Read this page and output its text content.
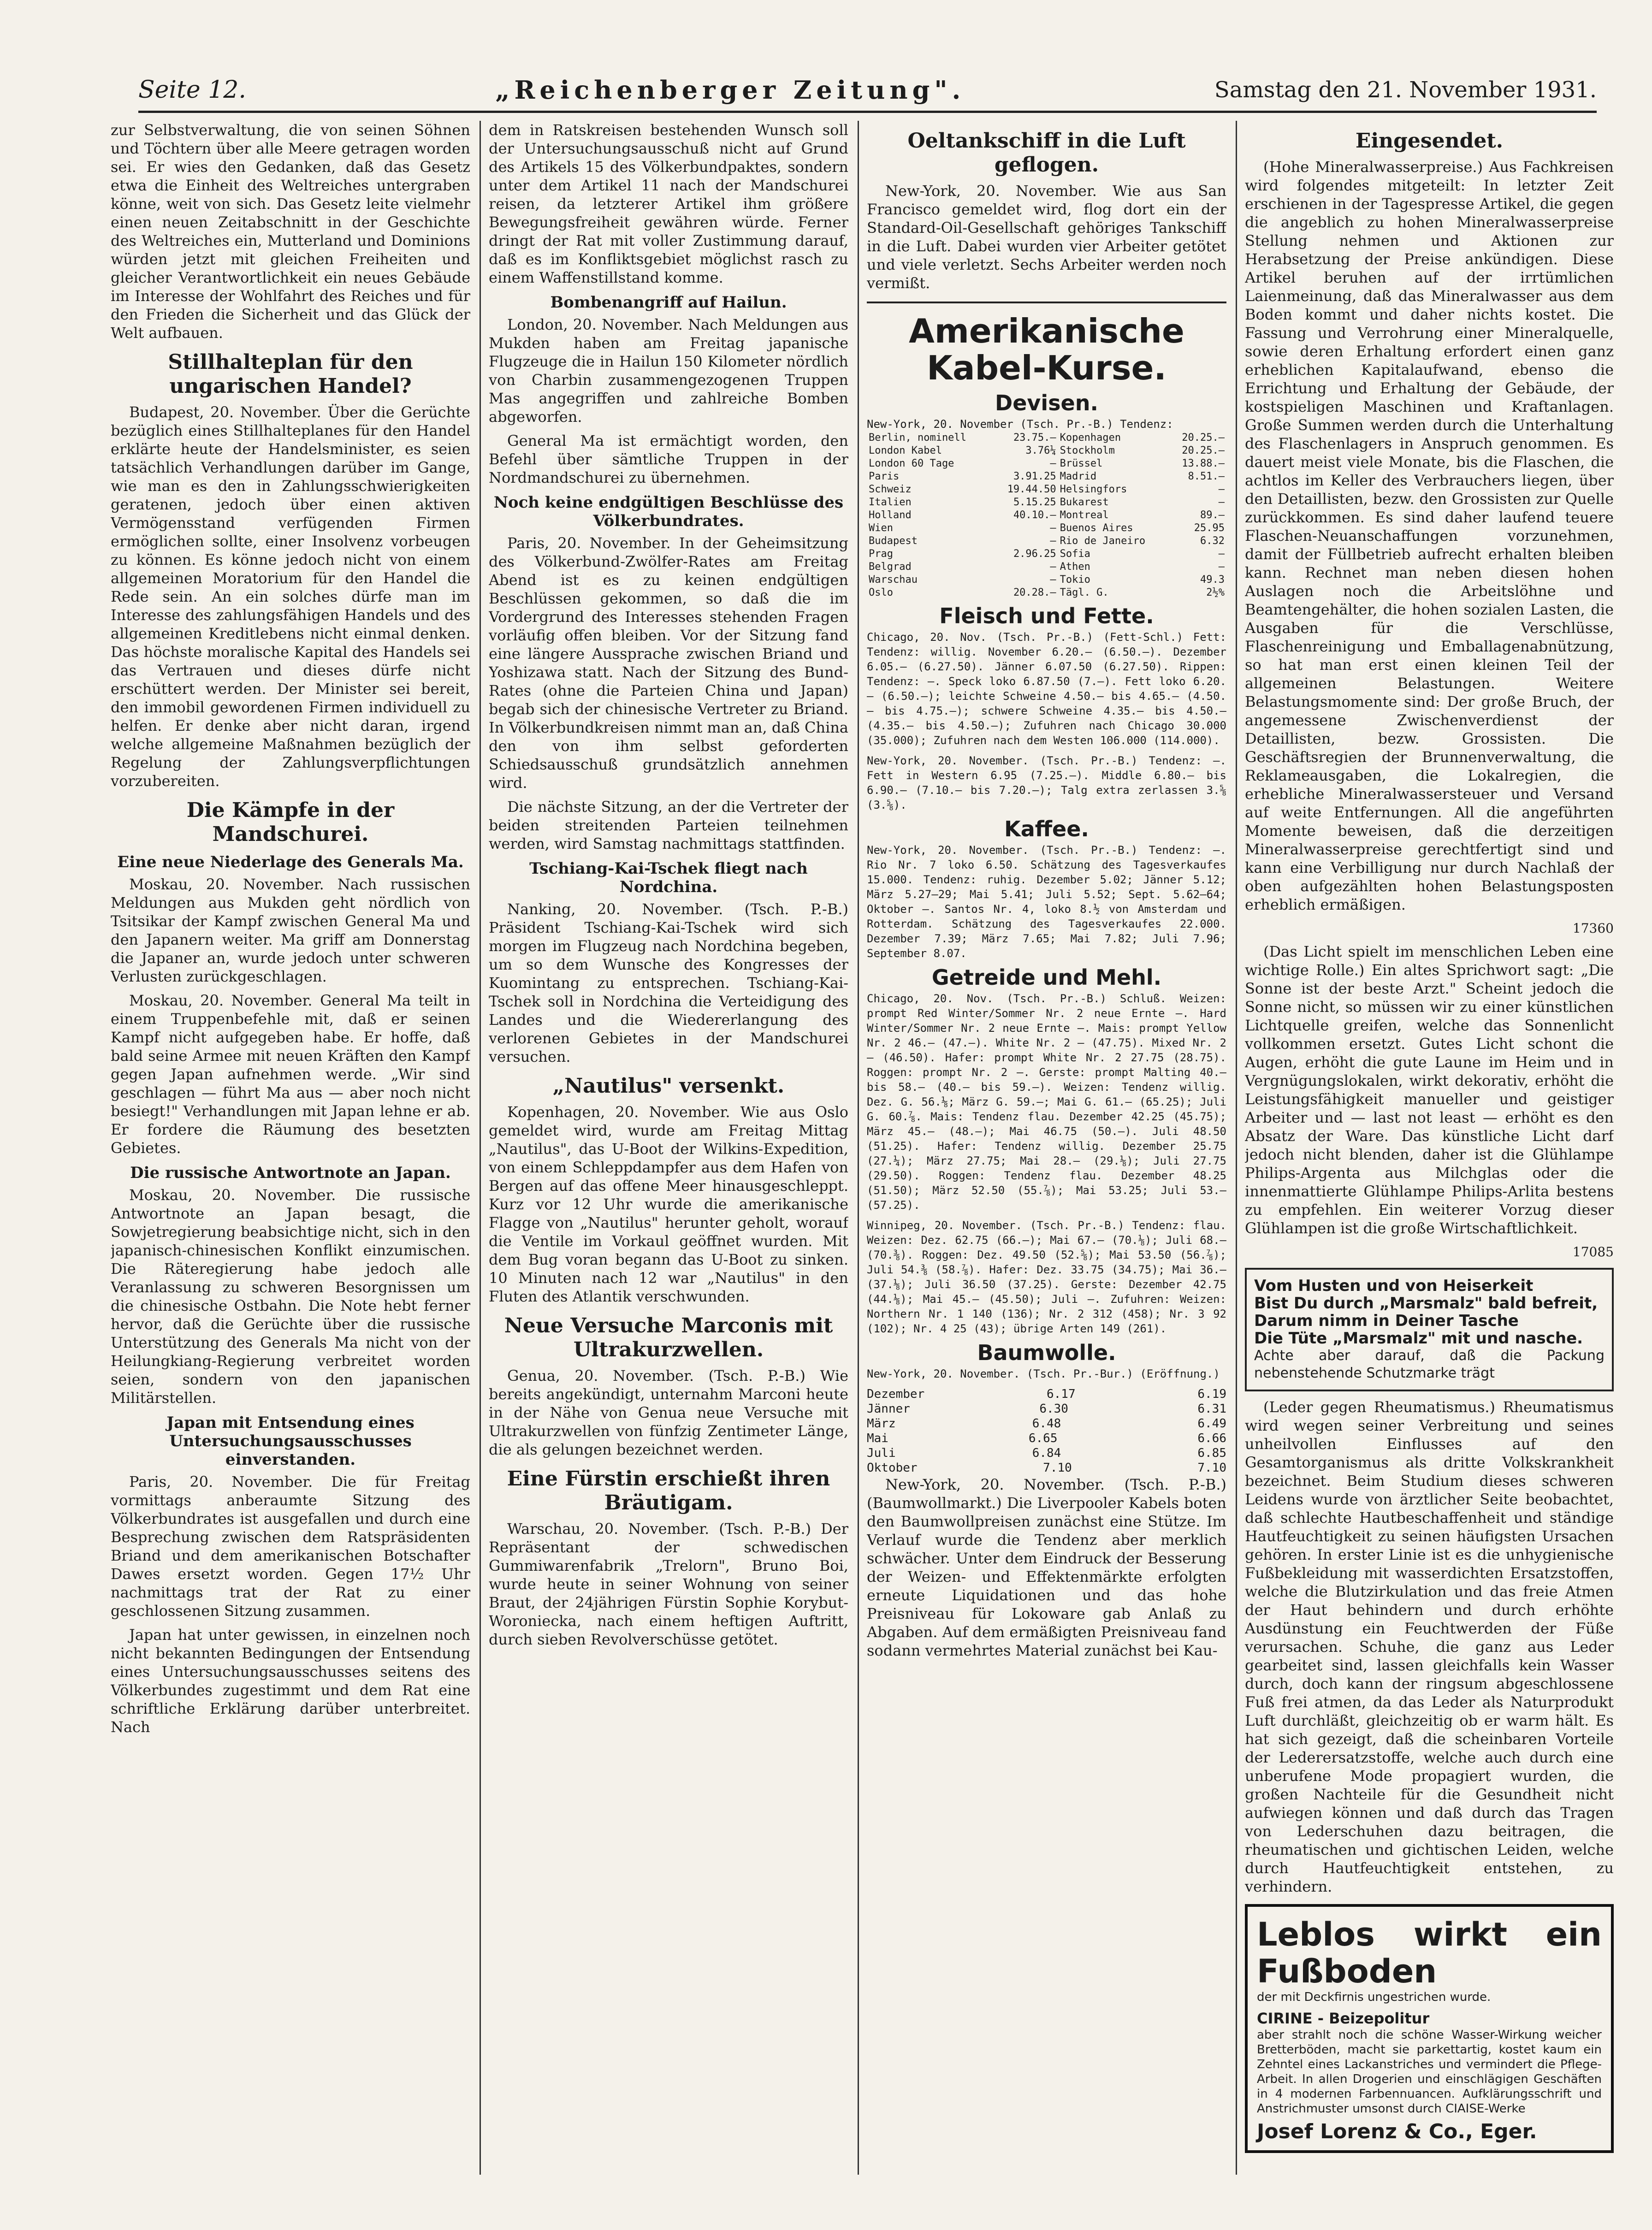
Seite 12.	„Reichenberger Zeitung".	Samstag den 21. November 1931.

zur Selbstverwaltung, die von seinen Söhnen und Töchtern über alle Meere getragen worden sei. Er wies den Gedanken, daß das Gesetz etwa die Einheit des Weltreiches untergraben könne, weit von sich. Das Gesetz leite vielmehr einen neuen Zeitabschnitt in der Geschichte des Weltreiches ein, Mutterland und Dominions würden jetzt mit gleichen Freiheiten und gleicher Verantwortlichkeit ein neues Gebäude im Interesse der Wohlfahrt des Reiches und für den Frieden die Sicherheit und das Glück der Welt aufbauen.

Stillhalteplan für den ungarischen Handel?

Budapest, 20. November. Über die Gerüchte bezüglich eines Stillhalteplanes für den Handel erklärte heute der Handelsminister, es seien tatsächlich Verhandlungen darüber im Gange, wie man es den in Zahlungsschwierigkeiten geratenen, jedoch über einen aktiven Vermögensstand verfügenden Firmen ermöglichen sollte, einer Insolvenz vorbeugen zu können. Es könne jedoch nicht von einem allgemeinen Moratorium für den Handel die Rede sein. An ein solches dürfe man im Interesse des zahlungsfähigen Handels und des allgemeinen Kreditlebens nicht einmal denken. Das höchste moralische Kapital des Handels sei das Vertrauen und dieses dürfe nicht erschüttert werden. Der Minister sei bereit, den immobil gewordenen Firmen individuell zu helfen. Er denke aber nicht daran, irgend welche allgemeine Maßnahmen bezüglich der Regelung der Zahlungsverpflichtungen vorzubereiten.

Die Kämpfe in der Mandschurei.
Eine neue Niederlage des Generals Ma.

Moskau, 20. November. Nach russischen Meldungen aus Mukden geht nördlich von Tsitsikar der Kampf zwischen General Ma und den Japanern weiter. Ma griff am Donnerstag die Japaner an, wurde jedoch unter schweren Verlusten zurückgeschlagen.

Moskau, 20. November. General Ma teilt in einem Truppenbefehle mit, daß er seinen Kampf nicht aufgegeben habe. Er hoffe, daß bald seine Armee mit neuen Kräften den Kampf gegen Japan aufnehmen werde. „Wir sind geschlagen — führt Ma aus — aber noch nicht besiegt!" Verhandlungen mit Japan lehne er ab. Er fordere die Räumung des besetzten Gebietes.

Die russische Antwortnote an Japan.

Moskau, 20. November. Die russische Antwortnote an Japan besagt, die Sowjetregierung beabsichtige nicht, sich in den japanisch-chinesischen Konflikt einzumischen. Die Räteregierung habe jedoch alle Veranlassung zu schweren Besorgnissen um die chinesische Ostbahn. Die Note hebt ferner hervor, daß die Gerüchte über die russische Unterstützung des Generals Ma nicht von der Heilungkiang-Regierung verbreitet worden seien, sondern von den japanischen Militärstellen.

Japan mit Entsendung eines Untersuchungsausschusses einverstanden.

Paris, 20. November. Die für Freitag vormittags anberaumte Sitzung des Völkerbundrates ist ausgefallen und durch eine Besprechung zwischen dem Ratspräsidenten Briand und dem amerikanischen Botschafter Dawes ersetzt worden. Gegen 17½ Uhr nachmittags trat der Rat zu einer geschlossenen Sitzung zusammen.

Japan hat unter gewissen, in einzelnen noch nicht bekannten Bedingungen der Entsendung eines Untersuchungsausschusses seitens des Völkerbundes zugestimmt und dem Rat eine schriftliche Erklärung darüber unterbreitet. Nach

dem in Ratskreisen bestehenden Wunsch soll der Untersuchungsausschuß nicht auf Grund des Artikels 15 des Völkerbundpaktes, sondern unter dem Artikel 11 nach der Mandschurei reisen, da letzterer Artikel ihm größere Bewegungsfreiheit gewähren würde. Ferner dringt der Rat mit voller Zustimmung darauf, daß es im Konfliktsgebiet möglichst rasch zu einem Waffenstillstand komme.

Bombenangriff auf Hailun.

London, 20. November. Nach Meldungen aus Mukden haben am Freitag japanische Flugzeuge die in Hailun 150 Kilometer nördlich von Charbin zusammengezogenen Truppen Mas angegriffen und zahlreiche Bomben abgeworfen.

General Ma ist ermächtigt worden, den Befehl über sämtliche Truppen in der Nordmandschurei zu übernehmen.

Noch keine endgültigen Beschlüsse des Völkerbundrates.

Paris, 20. November. In der Geheimsitzung des Völkerbund-Zwölfer-Rates am Freitag Abend ist es zu keinen endgültigen Beschlüssen gekommen, so daß die im Vordergrund des Interesses stehenden Fragen vorläufig offen bleiben. Vor der Sitzung fand eine längere Aussprache zwischen Briand und Yoshizawa statt. Nach der Sitzung des Bund-Rates (ohne die Parteien China und Japan) begab sich der chinesische Vertreter zu Briand. In Völkerbundkreisen nimmt man an, daß China den von ihm selbst geforderten Schiedsausschuß grundsätzlich annehmen wird.

Die nächste Sitzung, an der die Vertreter der beiden streitenden Parteien teilnehmen werden, wird Samstag nachmittags stattfinden.

Tschiang-Kai-Tschek fliegt nach Nordchina.

Nanking, 20. November. (Tsch. P.-B.) Präsident Tschiang-Kai-Tschek wird sich morgen im Flugzeug nach Nordchina begeben, um so dem Wunsche des Kongresses der Kuomintang zu entsprechen. Tschiang-Kai-Tschek soll in Nordchina die Verteidigung des Landes und die Wiedererlangung des verlorenen Gebietes in der Mandschurei versuchen.

„Nautilus" versenkt.

Kopenhagen, 20. November. Wie aus Oslo gemeldet wird, wurde am Freitag Mittag „Nautilus", das U-Boot der Wilkins-Expedition, von einem Schleppdampfer aus dem Hafen von Bergen auf das offene Meer hinausgeschleppt. Kurz vor 12 Uhr wurde die amerikanische Flagge von „Nautilus" herunter geholt, worauf die Ventile im Vorkaul geöffnet wurden. Mit dem Bug voran begann das U-Boot zu sinken. 10 Minuten nach 12 war „Nautilus" in den Fluten des Atlantik verschwunden.

Neue Versuche Marconis mit Ultrakurzwellen.

Genua, 20. November. (Tsch. P.-B.) Wie bereits angekündigt, unternahm Marconi heute in der Nähe von Genua neue Versuche mit Ultrakurzwellen von fünfzig Zentimeter Länge, die als gelungen bezeichnet werden.

Eine Fürstin erschießt ihren Bräutigam.

Warschau, 20. November. (Tsch. P.-B.) Der Repräsentant der schwedischen Gummiwarenfabrik „Trelorn", Bruno Boi, wurde heute in seiner Wohnung von seiner Braut, der 24jährigen Fürstin Sophie Korybut-Woroniecka, nach einem heftigen Auftritt, durch sieben Revolverschüsse getötet.

Oeltankschiff in die Luft geflogen.

New-York, 20. November. Wie aus San Francisco gemeldet wird, flog dort ein der Standard-Oil-Gesellschaft gehöriges Tankschiff in die Luft. Dabei wurden vier Arbeiter getötet und viele verletzt. Sechs Arbeiter werden noch vermißt.

Amerikanische Kabel-Kurse.
Devisen.
New-York, 20. November (Tsch. Pr.-B.) Tendenz:
Berlin, nominell	23.75.—	Kopenhagen	20.25.—
London Kabel	3.76¼	Stockholm	20.25.—
London 60 Tage	—	Brüssel	13.88.—
Paris	3.91.25	Madrid	8.51.—
Schweiz	19.44.50	Helsingfors	—
Italien	5.15.25	Bukarest	—
Holland	40.10.—	Montreal	89.—
Wien	—	Buenos Aires	25.95
Budapest	—	Rio de Janeiro	6.32
Prag	2.96.25	Sofia	—
Belgrad	—	Athen	—
Warschau	—	Tokio	49.3
Oslo	20.28.—	Tägl. G.	2½%
Fleisch und Fette.

Chicago, 20. Nov. (Tsch. Pr.-B.) (Fett-Schl.) Fett: Tendenz: willig. November 6.20.— (6.50.—). Dezember 6.05.— (6.27.50). Jänner 6.07.50 (6.27.50). Rippen: Tendenz: —. Speck loko 6.87.50 (7.—). Fett loko 6.20.— (6.50.—); leichte Schweine 4.50.— bis 4.65.— (4.50.— bis 4.75.—); schwere Schweine 4.35.— bis 4.50.— (4.35.— bis 4.50.—); Zufuhren nach Chicago 30.000 (35.000); Zufuhren nach dem Westen 106.000 (114.000).

New-York, 20. November. (Tsch. Pr.-B.) Tendenz: —. Fett in Western 6.95 (7.25.—). Middle 6.80.— bis 6.90.— (7.10.— bis 7.20.—); Talg extra zerlassen 3.⅝ (3.⅝).

Kaffee.

New-York, 20. November. (Tsch. Pr.-B.) Tendenz: —. Rio Nr. 7 loko 6.50. Schätzung des Tagesverkaufes 15.000. Tendenz: ruhig. Dezember 5.02; Jänner 5.12; März 5.27—29; Mai 5.41; Juli 5.52; Sept. 5.62—64; Oktober —. Santos Nr. 4, loko 8.½ von Amsterdam und Rotterdam. Schätzung des Tagesverkaufes 22.000. Dezember 7.39; März 7.65; Mai 7.82; Juli 7.96; September 8.07.

Getreide und Mehl.

Chicago, 20. Nov. (Tsch. Pr.-B.) Schluß. Weizen: prompt Red Winter/Sommer Nr. 2 neue Ernte —. Hard Winter/Sommer Nr. 2 neue Ernte —. Mais: prompt Yellow Nr. 2 46.— (47.—). White Nr. 2 — (47.75). Mixed Nr. 2 — (46.50). Hafer: prompt White Nr. 2 27.75 (28.75). Roggen: prompt Nr. 2 —. Gerste: prompt Malting 40.— bis 58.— (40.— bis 59.—). Weizen: Tendenz willig. Dez. G. 56.⅛; März G. 59.—; Mai G. 61.— (65.25); Juli G. 60.⅞. Mais: Tendenz flau. Dezember 42.25 (45.75); März 45.— (48.—); Mai 46.75 (50.—). Juli 48.50 (51.25). Hafer: Tendenz willig. Dezember 25.75 (27.¼); März 27.75; Mai 28.— (29.⅛); Juli 27.75 (29.50). Roggen: Tendenz flau. Dezember 48.25 (51.50); März 52.50 (55.⅞); Mai 53.25; Juli 53.— (57.25).

Winnipeg, 20. November. (Tsch. Pr.-B.) Tendenz: flau. Weizen: Dez. 62.75 (66.—); Mai 67.— (70.⅛); Juli 68.— (70.⅜). Roggen: Dez. 49.50 (52.⅝); Mai 53.50 (56.⅞); Juli 54.⅜ (58.⅞). Hafer: Dez. 33.75 (34.75); Mai 36.— (37.⅛); Juli 36.50 (37.25). Gerste: Dezember 42.75 (44.⅛); Mai 45.— (45.50); Juli —. Zufuhren: Weizen: Northern Nr. 1 140 (136); Nr. 2 312 (458); Nr. 3 92 (102); Nr. 4 25 (43); übrige Arten 149 (261).

Baumwolle.

New-York, 20. November. (Tsch. Pr.-Bur.) (Eröffnung.)

Dezember	6.17	6.19
Jänner	6.30	6.31
März	6.48	6.49
Mai	6.65	6.66
Juli	6.84	6.85
Oktober	7.10	7.10

New-York, 20. November. (Tsch. P.-B.) (Baumwollmarkt.) Die Liverpooler Kabels boten den Baumwollpreisen zunächst eine Stütze. Im Verlauf wurde die Tendenz aber merklich schwächer. Unter dem Eindruck der Besserung der Weizen- und Effektenmärkte erfolgten erneute Liquidationen und das hohe Preisniveau für Lokoware gab Anlaß zu Abgaben. Auf dem ermäßigten Preisniveau fand sodann vermehrtes Material zunächst bei Kau-

Eingesendet.

(Hohe Mineralwasserpreise.) Aus Fachkreisen wird folgendes mitgeteilt: In letzter Zeit erschienen in der Tagespresse Artikel, die gegen die angeblich zu hohen Mineralwasserpreise Stellung nehmen und Aktionen zur Herabsetzung der Preise ankündigen. Diese Artikel beruhen auf der irrtümlichen Laienmeinung, daß das Mineralwasser aus dem Boden kommt und daher nichts kostet. Die Fassung und Verrohrung einer Mineralquelle, sowie deren Erhaltung erfordert einen ganz erheblichen Kapitalaufwand, ebenso die Errichtung und Erhaltung der Gebäude, der kostspieligen Maschinen und Kraftanlagen. Große Summen werden durch die Unterhaltung des Flaschenlagers in Anspruch genommen. Es dauert meist viele Monate, bis die Flaschen, die achtlos im Keller des Verbrauchers liegen, über den Detaillisten, bezw. den Grossisten zur Quelle zurückkommen. Es sind daher laufend teuere Flaschen-Neuanschaffungen vorzunehmen, damit der Füllbetrieb aufrecht erhalten bleiben kann. Rechnet man neben diesen hohen Auslagen noch die Arbeitslöhne und Beamtengehälter, die hohen sozialen Lasten, die Ausgaben für die Verschlüsse, Flaschenreinigung und Emballagenabnützung, so hat man erst einen kleinen Teil der allgemeinen Belastungen. Weitere Belastungsmomente sind: Der große Bruch, der angemessene Zwischenverdienst der Detaillisten, bezw. Grossisten. Die Geschäftsregien der Brunnenverwaltung, die Reklameausgaben, die Lokalregien, die erhebliche Mineralwassersteuer und Versand auf weite Entfernungen. All die angeführten Momente beweisen, daß die derzeitigen Mineralwasserpreise gerechtfertigt sind und kann eine Verbilligung nur durch Nachlaß der oben aufgezählten hohen Belastungsposten erheblich ermäßigen.

17360

(Das Licht spielt im menschlichen Leben eine wichtige Rolle.) Ein altes Sprichwort sagt: „Die Sonne ist der beste Arzt." Scheint jedoch die Sonne nicht, so müssen wir zu einer künstlichen Lichtquelle greifen, welche das Sonnenlicht vollkommen ersetzt. Gutes Licht schont die Augen, erhöht die gute Laune im Heim und in Vergnügungslokalen, wirkt dekorativ, erhöht die Leistungsfähigkeit manueller und geistiger Arbeiter und — last not least — erhöht es den Absatz der Ware. Das künstliche Licht darf jedoch nicht blenden, daher ist die Glühlampe Philips-Argenta aus Milchglas oder die innenmattierte Glühlampe Philips-Arlita bestens zu empfehlen. Ein weiterer Vorzug dieser Glühlampen ist die große Wirtschaftlichkeit.

17085
Vom Husten und von Heiserkeit
Bist Du durch „Marsmalz" bald befreit,
Darum nimm in Deiner Tasche
Die Tüte „Marsmalz" mit und nasche.
Achte aber darauf, daß die Packung nebenstehende Schutzmarke trägt

(Leder gegen Rheumatismus.) Rheumatismus wird wegen seiner Verbreitung und seines unheilvollen Einflusses auf den Gesamtorganismus als dritte Volkskrankheit bezeichnet. Beim Studium dieses schweren Leidens wurde von ärztlicher Seite beobachtet, daß schlechte Hautbeschaffenheit und ständige Hautfeuchtigkeit zu seinen häufigsten Ursachen gehören. In erster Linie ist es die unhygienische Fußbekleidung mit wasserdichten Ersatzstoffen, welche die Blutzirkulation und das freie Atmen der Haut behindern und durch erhöhte Ausdünstung ein Feuchtwerden der Füße verursachen. Schuhe, die ganz aus Leder gearbeitet sind, lassen gleichfalls kein Wasser durch, doch kann der ringsum abgeschlossene Fuß frei atmen, da das Leder als Naturprodukt Luft durchläßt, gleichzeitig ob er warm hält. Es hat sich gezeigt, daß die scheinbaren Vorteile der Lederersatzstoffe, welche auch durch eine unberufene Mode propagiert wurden, die großen Nachteile für die Gesundheit nicht aufwiegen können und daß durch das Tragen von Lederschuhen dazu beitragen, die rheumatischen und gichtischen Leiden, welche durch Hautfeuchtigkeit entstehen, zu verhindern.

Leblos wirkt ein Fußboden
der mit Deckfirnis ungestrichen wurde.
CIRINE - Beizepolitur
aber strahlt noch die schöne Wasser-Wirkung weicher Bretterböden, macht sie parkettartig, kostet kaum ein Zehntel eines Lackanstriches und vermindert die Pflege-Arbeit. In allen Drogerien und einschlägigen Geschäften in 4 modernen Farbennuancen. Aufklärungsschrift und Anstrichmuster umsonst durch CIAISE-Werke
Josef Lorenz & Co., Eger.
